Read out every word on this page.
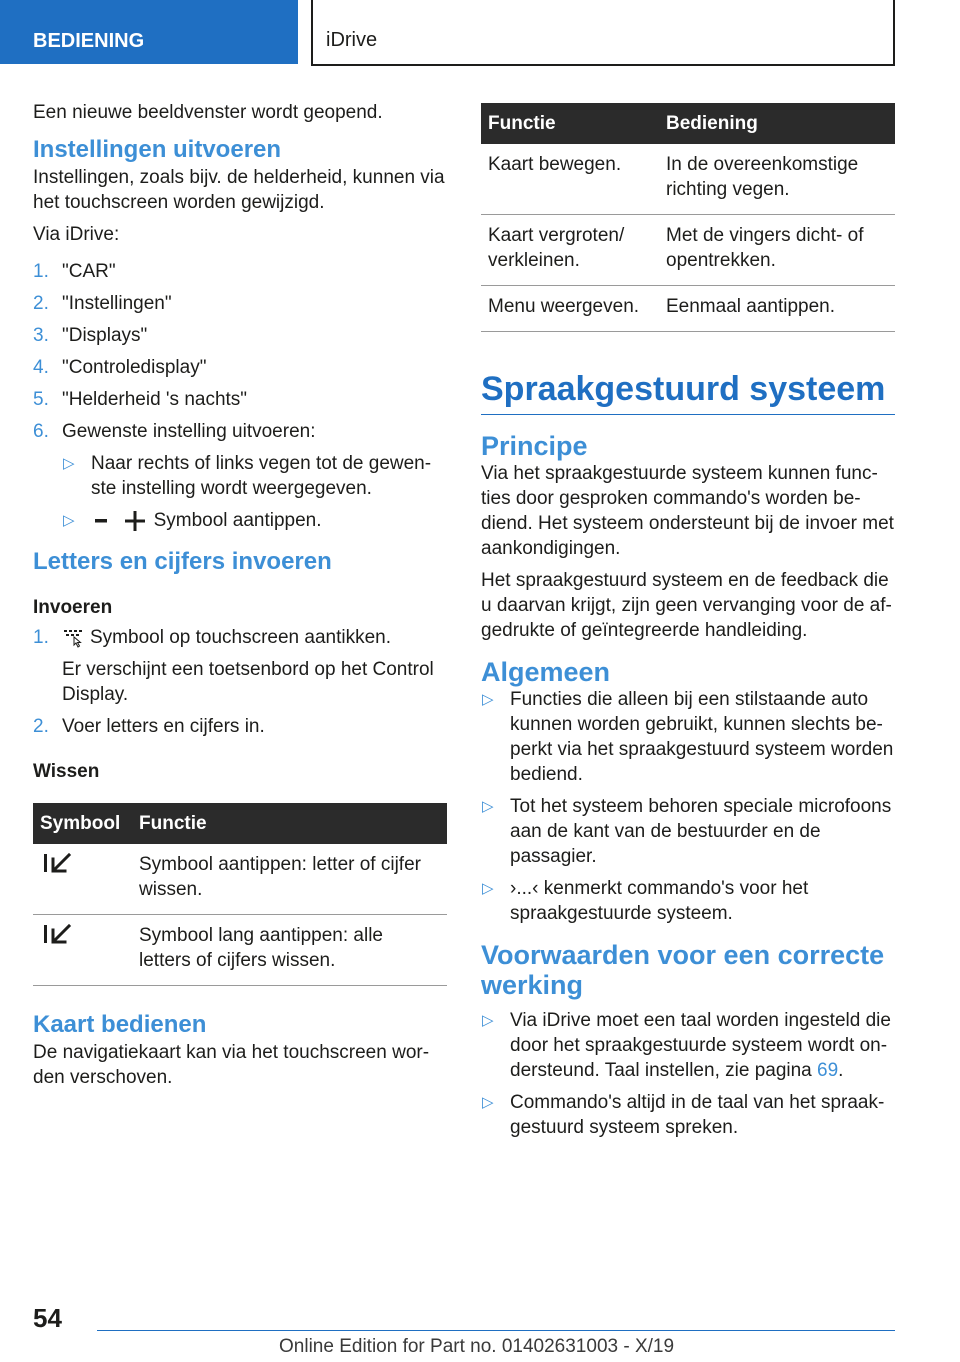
BEDIENING	iDrive

Een nieuwe beeldvenster wordt geopend.

Instellingen uitvoeren

Instellingen, zoals bijv. de helderheid, kunnen via het touchscreen worden gewijzigd.

Via iDrive:

1. "CAR"
2. "Instellingen"
3. "Displays"
4. "Controledisplay"
5. "Helderheid 's nachts"
6. Gewenste instelling uitvoeren:
▷ Naar rechts of links vegen tot de gewenste instelling wordt weergegeven.
▷	Symbool aantippen.
Letters en cijfers invoeren
Invoeren
1. Symbool op touchscreen aantikken.
Er verschijnt een toetsenbord op het Control Display.
2. Voer letters en cijfers in.
Wissen
Symbool	Functie
	Symbool aantippen: letter of cijfer wissen.
	Symbool lang aantippen: alle letters of cijfers wissen.
Kaart bedienen

De navigatiekaart kan via het touchscreen worden verschoven.

Functie	Bediening
Kaart bewegen.	In de overeenkomstige richting vegen.
Kaart vergroten/ verkleinen.	Met de vingers dicht- of opentrekken.
Menu weergeven.	Eenmaal aantippen.
Spraakgestuurd systeem
Principe

Via het spraakgestuurde systeem kunnen functies door gesproken commando's worden bediend. Het systeem ondersteunt bij de invoer met aankondigingen.

Het spraakgestuurd systeem en de feedback die u daarvan krijgt, zijn geen vervanging voor de afgedrukte of geïntegreerde handleiding.

Algemeen
▷ Functies die alleen bij een stilstaande auto kunnen worden gebruikt, kunnen slechts beperkt via het spraakgestuurd systeem worden bediend.
▷ Tot het systeem behoren speciale microfoons aan de kant van de bestuurder en de passagier.
▷ ›...‹ kenmerkt commando's voor het spraakgestuurde systeem.
Voorwaarden voor een correcte werking
▷ Via iDrive moet een taal worden ingesteld die door het spraakgestuurde systeem wordt ondersteund. Taal instellen, zie pagina 69.
▷ Commando's altijd in de taal van het spraakgestuurd systeem spreken.
54
Online Edition for Part no. 01402631003 - X/19
